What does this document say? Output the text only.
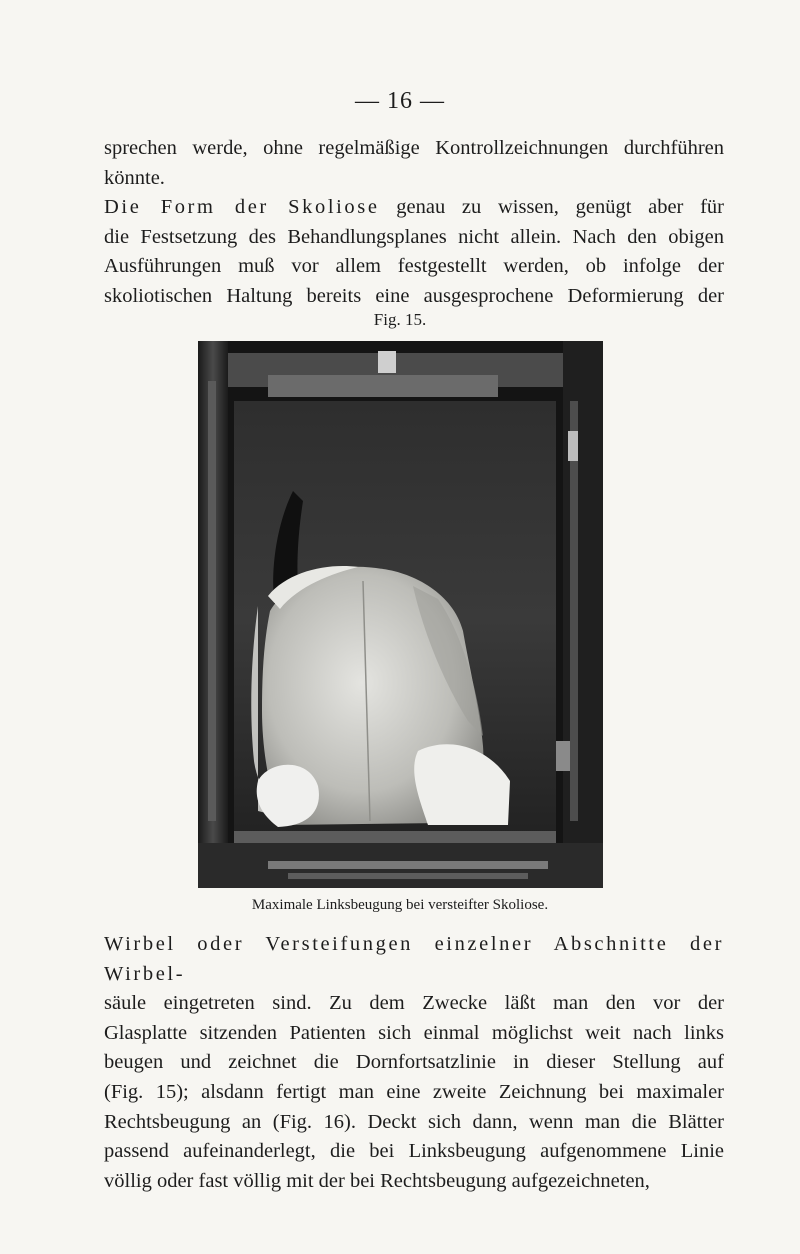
— 16 —

sprechen werde, ohne regelmäßige Kontrollzeichnungen durchführen
könnte.

Die Form der Skoliose genau zu wissen, genügt aber für
die Festsetzung des Behandlungsplanes nicht allein. Nach den obigen
Ausführungen muß vor allem festgestellt werden, ob infolge der
skoliotischen Haltung bereits eine ausgesprochene Deformierung der

Fig. 15.
Maximale Linksbeugung bei versteifter Skoliose.

Wirbel oder Versteifungen einzelner Abschnitte der Wirbel-
säule eingetreten sind. Zu dem Zwecke läßt man den vor der
Glasplatte sitzenden Patienten sich einmal möglichst weit nach links
beugen und zeichnet die Dornfortsatzlinie in dieser Stellung auf
(Fig. 15); alsdann fertigt man eine zweite Zeichnung bei maximaler
Rechtsbeugung an (Fig. 16). Deckt sich dann, wenn man die Blätter
passend aufeinanderlegt, die bei Linksbeugung aufgenommene Linie
völlig oder fast völlig mit der bei Rechtsbeugung aufgezeichneten,
